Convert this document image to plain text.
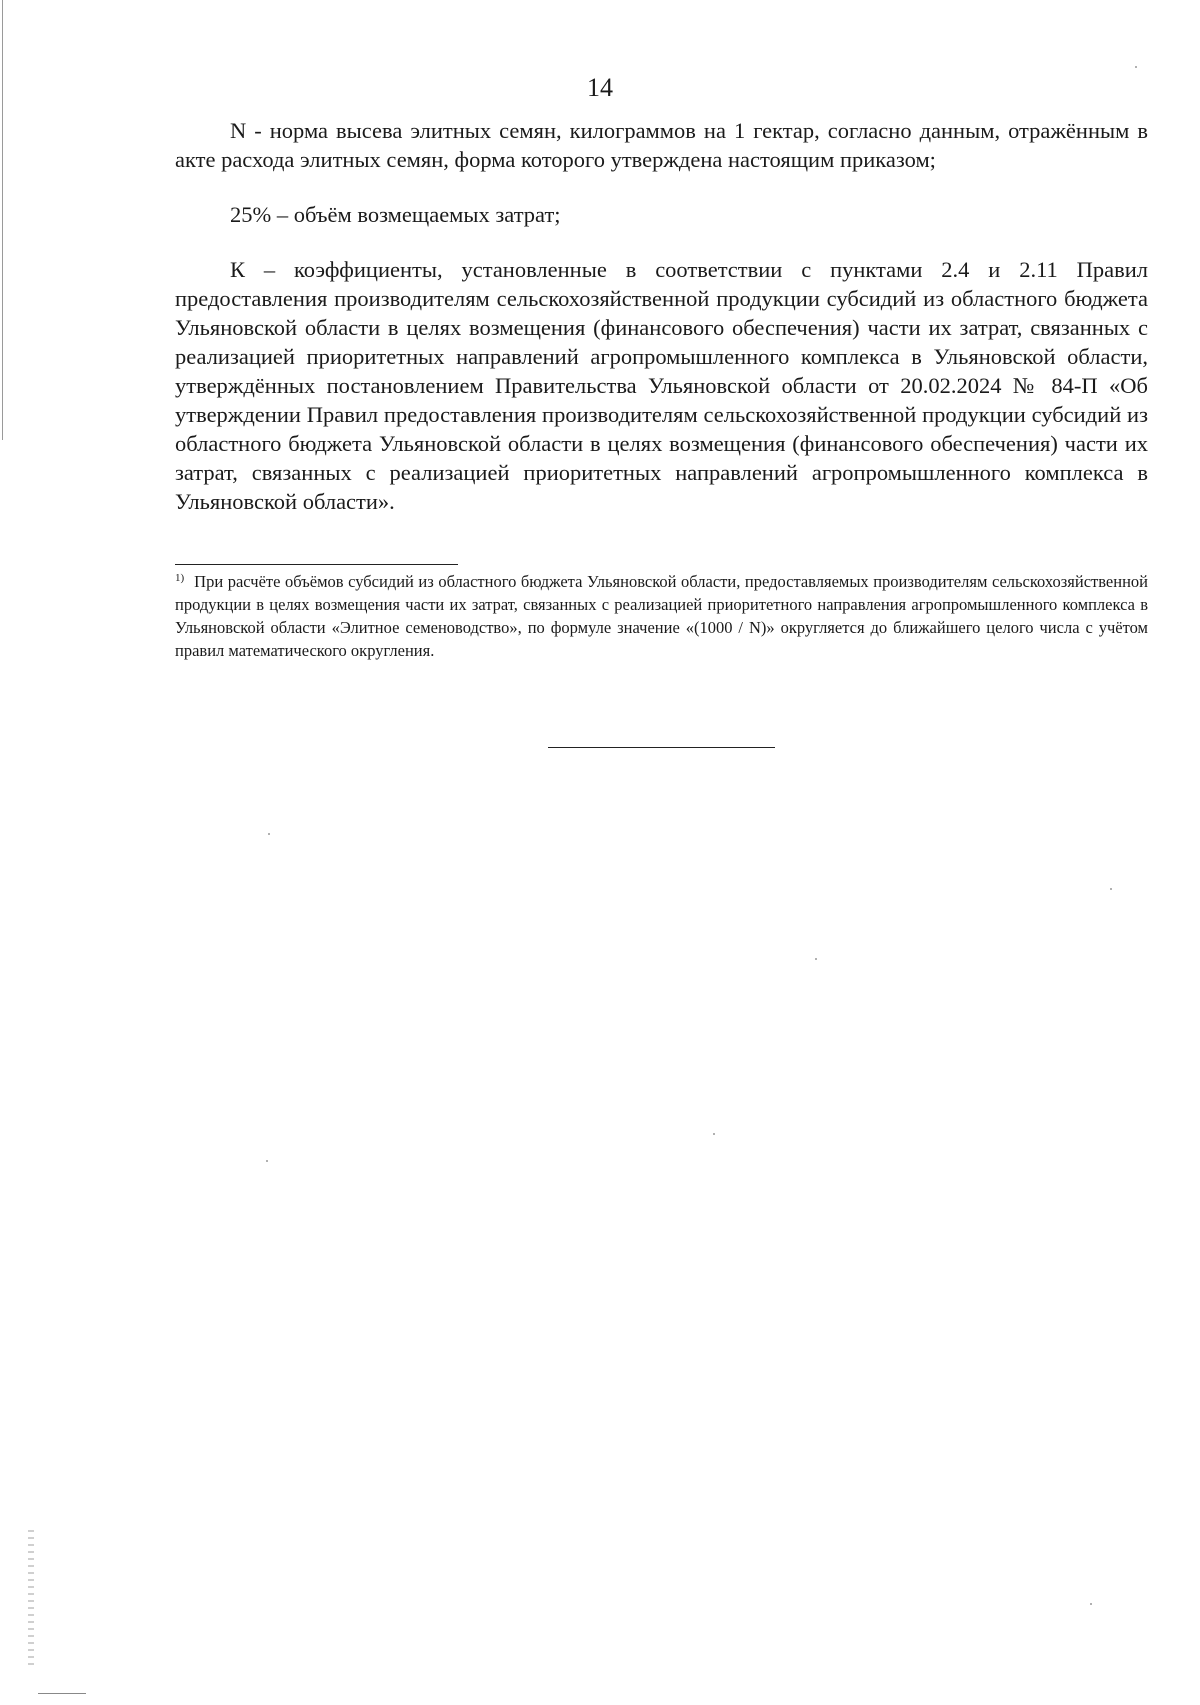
14

N - норма высева элитных семян, килограммов на 1 гектар, согласно данным, отражённым в акте расхода элитных семян, форма которого утверждена настоящим приказом;

25% – объём возмещаемых затрат;

К – коэффициенты, установленные в соответствии с пунктами 2.4 и 2.11 Правил предоставления производителям сельскохозяйственной продукции субсидий из областного бюджета Ульяновской области в целях возмещения (финансового обеспечения) части их затрат, связанных с реализацией приоритетных направлений агропромышленного комплекса в Ульяновской области, утверждённых постановлением Правительства Ульяновской области от 20.02.2024 № 84-П «Об утверждении Правил предоставления производителям сельскохозяйственной продукции субсидий из областного бюджета Ульяновской области в целях возмещения (финансового обеспечения) части их затрат, связанных с реализацией приоритетных направлений агропромышленного комплекса в Ульяновской области».

$^{1)}$ При расчёте объёмов субсидий из областного бюджета Ульяновской области, предоставляемых производителям сельскохозяйственной продукции в целях возмещения части их затрат, связанных с реализацией приоритетного направления агропромышленного комплекса в Ульяновской области «Элитное семеноводство», по формуле значение «(1000 / N)» округляется до ближайшего целого числа с учётом правил математического округления.
